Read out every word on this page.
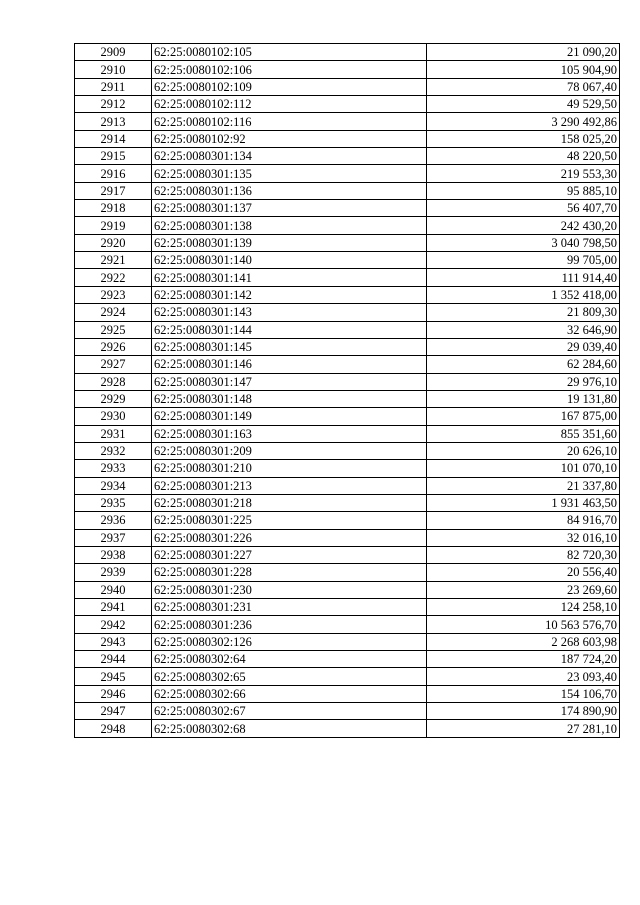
2909	62:25:0080102:105	21 090,20
2910	62:25:0080102:106	105 904,90
2911	62:25:0080102:109	78 067,40
2912	62:25:0080102:112	49 529,50
2913	62:25:0080102:116	3 290 492,86
2914	62:25:0080102:92	158 025,20
2915	62:25:0080301:134	48 220,50
2916	62:25:0080301:135	219 553,30
2917	62:25:0080301:136	95 885,10
2918	62:25:0080301:137	56 407,70
2919	62:25:0080301:138	242 430,20
2920	62:25:0080301:139	3 040 798,50
2921	62:25:0080301:140	99 705,00
2922	62:25:0080301:141	111 914,40
2923	62:25:0080301:142	1 352 418,00
2924	62:25:0080301:143	21 809,30
2925	62:25:0080301:144	32 646,90
2926	62:25:0080301:145	29 039,40
2927	62:25:0080301:146	62 284,60
2928	62:25:0080301:147	29 976,10
2929	62:25:0080301:148	19 131,80
2930	62:25:0080301:149	167 875,00
2931	62:25:0080301:163	855 351,60
2932	62:25:0080301:209	20 626,10
2933	62:25:0080301:210	101 070,10
2934	62:25:0080301:213	21 337,80
2935	62:25:0080301:218	1 931 463,50
2936	62:25:0080301:225	84 916,70
2937	62:25:0080301:226	32 016,10
2938	62:25:0080301:227	82 720,30
2939	62:25:0080301:228	20 556,40
2940	62:25:0080301:230	23 269,60
2941	62:25:0080301:231	124 258,10
2942	62:25:0080301:236	10 563 576,70
2943	62:25:0080302:126	2 268 603,98
2944	62:25:0080302:64	187 724,20
2945	62:25:0080302:65	23 093,40
2946	62:25:0080302:66	154 106,70
2947	62:25:0080302:67	174 890,90
2948	62:25:0080302:68	27 281,10
